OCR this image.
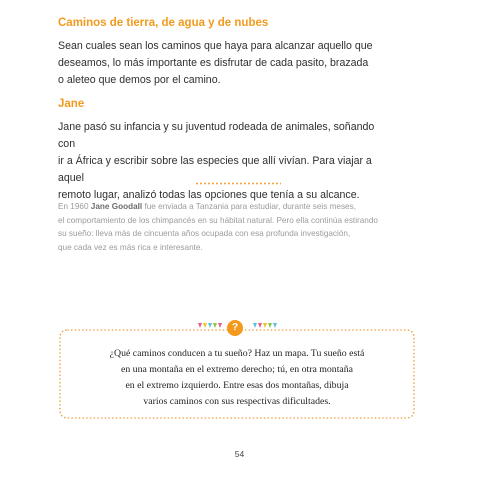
Caminos de tierra, de agua y de nubes

Sean cuales sean los caminos que haya para alcanzar aquello que

deseamos, lo más importante es disfrutar de cada pasito, brazada

o aleteo que demos por el camino.

Jane

Jane pasó su infancia y su juventud rodeada de animales, soñando con

ir a África y escribir sobre las especies que allí vivían. Para viajar a aquel

remoto lugar, analizó todas las opciones que tenía a su alcance.

En 1960 Jane Goodall fue enviada a Tanzania para estudiar, durante seis meses,

el comportamiento de los chimpancés en su hábitat natural. Pero ella continúa estirando

su sueño: lleva más de cincuenta años ocupada con esa profunda investigación,

que cada vez es más rica e interesante.

?

¿Qué caminos conducen a tu sueño? Haz un mapa. Tu sueño está

en una montaña en el extremo derecho; tú, en otra montaña

en el extremo izquierdo. Entre esas dos montañas, dibuja

varios caminos con sus respectivas dificultades.

54
